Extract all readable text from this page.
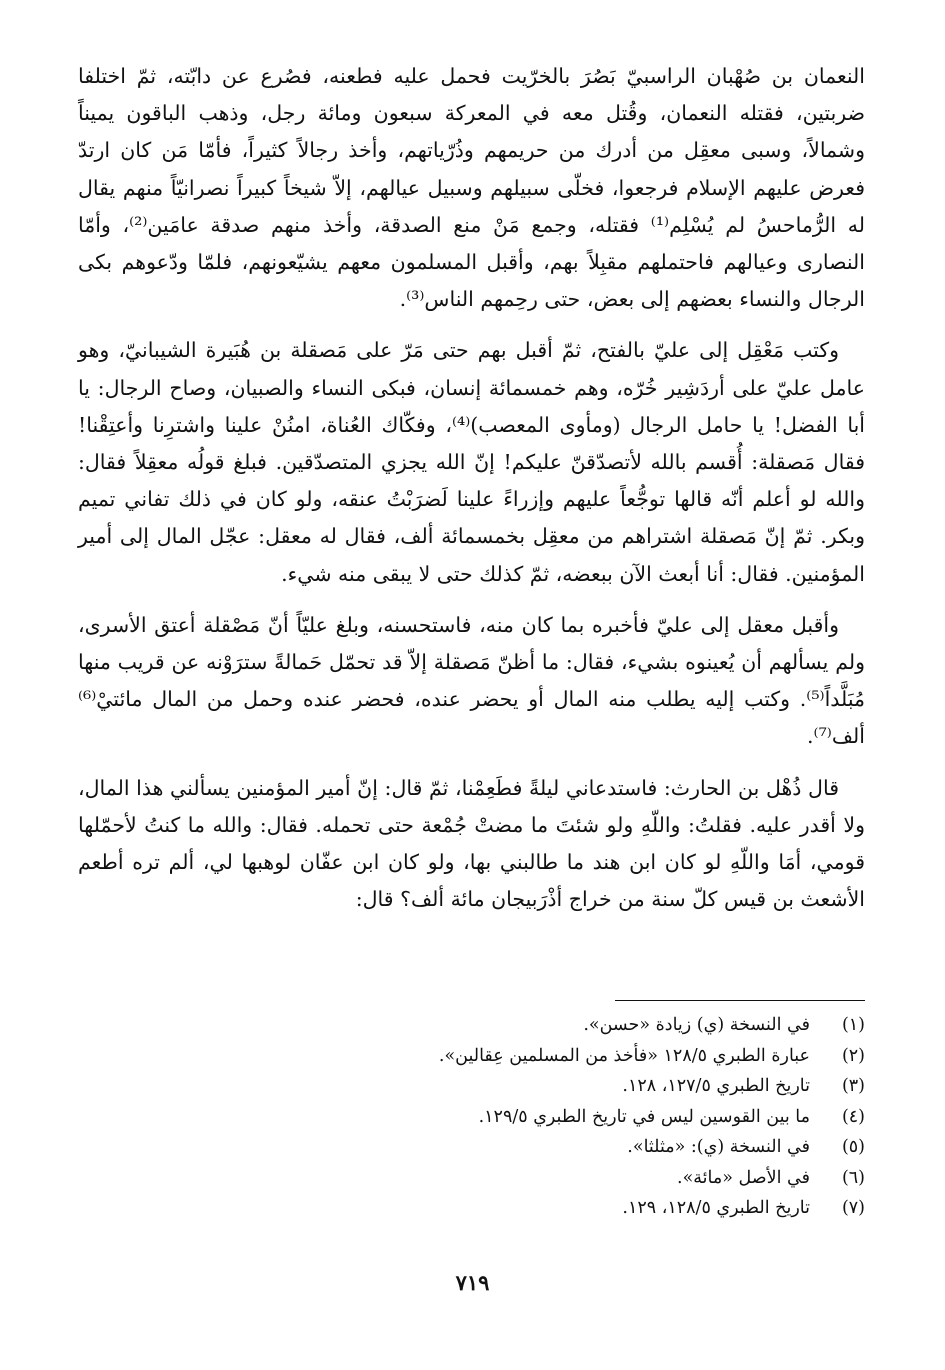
النعمان بن صُهْبان الراسبيّ بَصُرَ بالخرّيت فحمل عليه فطعنه، فصُرع عن دابّته، ثمّ اختلفا ضربتين، فقتله النعمان، وقُتل معه في المعركة سبعون ومائة رجل، وذهب الباقون يميناً وشمالاً، وسبى معقِل من أدرك من حريمهم وذُرّياتهم، وأخذ رجالاً كثيراً، فأمّا مَن كان ارتدّ فعرض عليهم الإسلام فرجعوا، فخلّى سبيلهم وسبيل عيالهم، إلاّ شيخاً كبيراً نصرانيّاً منهم يقال له الرُّماحسُ لم يُسْلِم⁽¹⁾ فقتله، وجمع مَنْ منع الصدقة، وأخذ منهم صدقة عامَين⁽²⁾، وأمّا النصارى وعيالهم فاحتملهم مقبِلاً بهم، وأقبل المسلمون معهم يشيّعونهم، فلمّا ودّعوهم بكى الرجال والنساء بعضهم إلى بعض، حتى رحِمهم الناس⁽³⁾.

وكتب مَعْقِل إلى عليّ بالفتح، ثمّ أقبل بهم حتى مَرّ على مَصقلة بن هُبَيرة الشيبانيّ، وهو عامل عليّ على أردَشِير خُرّه، وهم خمسمائة إنسان، فبكى النساء والصبيان، وصاح الرجال: يا أبا الفضل! يا حامل الرجال (ومأوى المعصب)⁽⁴⁾، وفكّاك العُناة، امنُنْ علينا واشترِنا وأعتِقْنا! فقال مَصقلة: أُقسم بالله لأتصدّقنّ عليكم! إنّ الله يجزي المتصدّقين. فبلغ قولُه معقِلاً فقال: والله لو أعلم أنّه قالها توجُّعاً عليهم وإزراءً علينا لَضرَبْتُ عنقه، ولو كان في ذلك تفاني تميم وبكر. ثمّ إنّ مَصقلة اشتراهم من معقِل بخمسمائة ألف، فقال له معقل: عجّل المال إلى أمير المؤمنين. فقال: أنا أبعث الآن ببعضه، ثمّ كذلك حتى لا يبقى منه شيء.

وأقبل معقل إلى عليّ فأخبره بما كان منه، فاستحسنه، وبلغ عليّاً أنّ مَصْقلة أعتق الأسرى، ولم يسألهم أن يُعينوه بشيء، فقال: ما أظنّ مَصقلة إلاّ قد تحمّل حَمالةً سترَوْنه عن قريب منها مُبَلَّداً⁽⁵⁾. وكتب إليه يطلب منه المال أو يحضر عنده، فحضر عنده وحمل من المال مائتيْ⁽⁶⁾ ألف⁽⁷⁾.

قال ذُهْل بن الحارث: فاستدعاني ليلةً فطَعِمْنا، ثمّ قال: إنّ أمير المؤمنين يسألني هذا المال، ولا أقدر عليه. فقلتُ: واللّهِ ولو شئتَ ما مضتْ جُمْعة حتى تحمله. فقال: والله ما كنتُ لأحمّلها قومي، أمَا واللّهِ لو كان ابن هند ما طالبني بها، ولو كان ابن عفّان لوهبها لي، ألم تره أطعم الأشعث بن قيس كلّ سنة من خراج أذْرَبيجان مائة ألف؟ قال:

(١)
في النسخة (ي) زيادة «حسن».
(٢)
عبارة الطبري ١٢٨/٥ «فأخذ من المسلمين عِقالين».
(٣)
تاريخ الطبري ١٢٧/٥، ١٢٨.
(٤)
ما بين القوسين ليس في تاريخ الطبري ١٢٩/٥.
(٥)
في النسخة (ي): «مثلثا».
(٦)
في الأصل «مائة».
(٧)
تاريخ الطبري ١٢٨/٥، ١٢٩.
٧١٩
